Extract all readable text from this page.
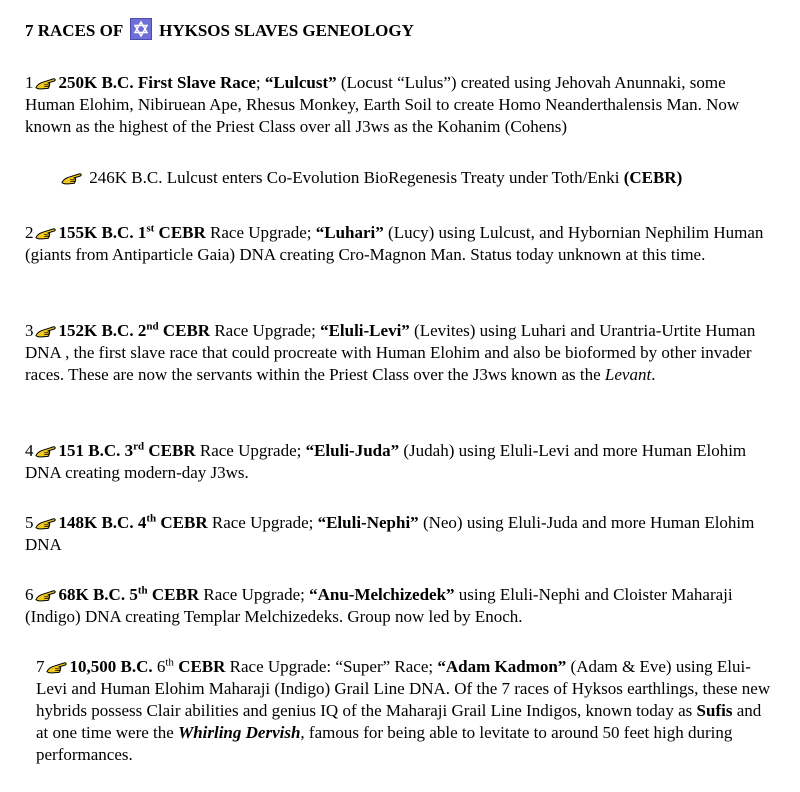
7 RACES OF HYKSOS SLAVES GENEOLOGY

1 250K B.C. First Slave Race; “Lulcust” (Locust “Lulus”) created using Jehovah Anunnaki, some Human Elohim, Nibiruean Ape, Rhesus Monkey, Earth Soil to create Homo Neanderthalensis Man. Now known as the highest of the Priest Class over all J3ws as the Kohanim (Cohens)

246K B.C. Lulcust enters Co-Evolution BioRegenesis Treaty under Toth/Enki (CEBR)

2 155K B.C. 1st CEBR Race Upgrade; “Luhari” (Lucy) using Lulcust, and Hybornian Nephilim Human (giants from Antiparticle Gaia) DNA creating Cro-Magnon Man. Status today unknown at this time.

3 152K B.C. 2nd CEBR Race Upgrade; “Eluli-Levi” (Levites) using Luhari and Urantria-Urtite Human DNA , the first slave race that could procreate with Human Elohim and also be bioformed by other invader races. These are now the servants within the Priest Class over the J3ws known as the Levant.

4 151 B.C. 3rd CEBR Race Upgrade; “Eluli-Juda” (Judah) using Eluli-Levi and more Human Elohim DNA creating modern-day J3ws.

5 148K B.C. 4th CEBR Race Upgrade; “Eluli-Nephi” (Neo) using Eluli-Juda and more Human Elohim DNA

6 68K B.C. 5th CEBR Race Upgrade; “Anu-Melchizedek” using Eluli-Nephi and Cloister Maharaji (Indigo) DNA creating Templar Melchizedeks. Group now led by Enoch.

7 10,500 B.C. 6th CEBR Race Upgrade: “Super” Race; “Adam Kadmon” (Adam & Eve) using Elui-Levi and Human Elohim Maharaji (Indigo) Grail Line DNA. Of the 7 races of Hyksos earthlings, these new hybrids possess Clair abilities and genius IQ of the Maharaji Grail Line Indigos, known today as Sufis and at one time were the Whirling Dervish, famous for being able to levitate to around 50 feet high during performances.
